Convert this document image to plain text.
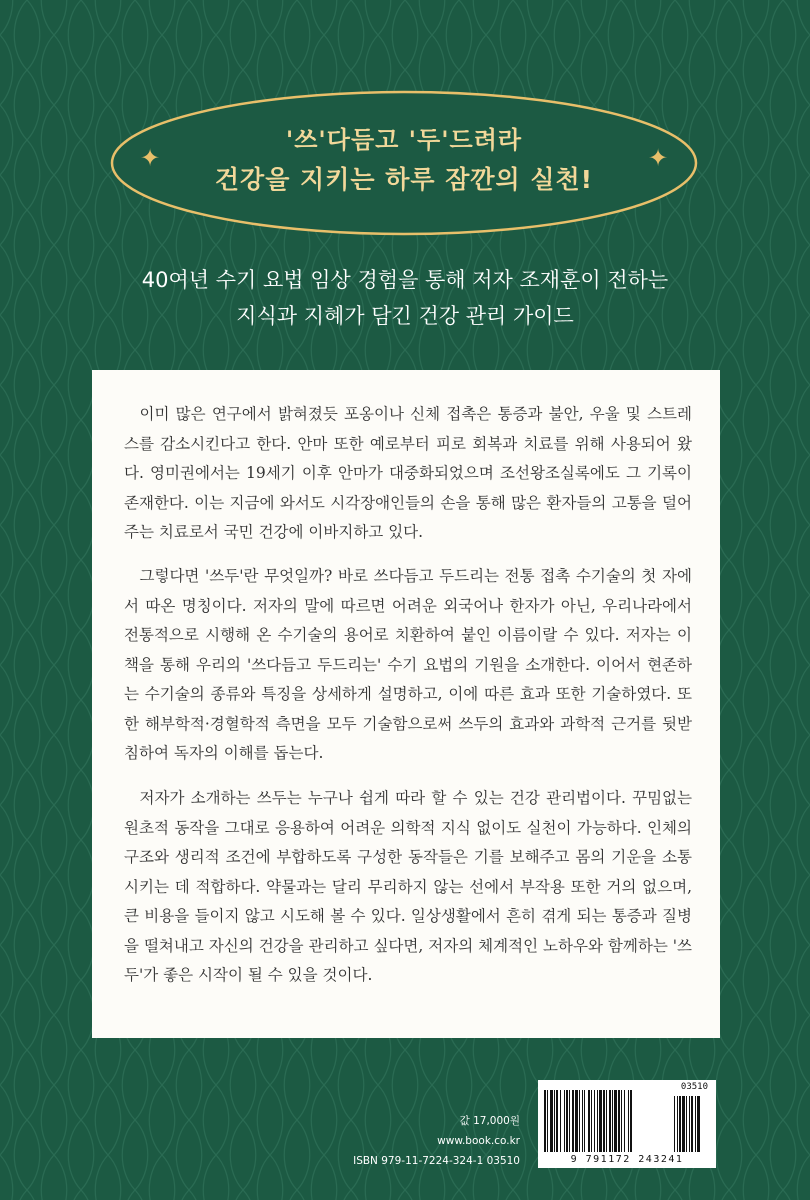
'쓰'다듬고 '두'드려라
건강을 지키는 하루 잠깐의 실천!
✦	✦
40여년 수기 요법 임상 경험을 통해 저자 조재훈이 전하는
지식과 지혜가 담긴 건강 관리 가이드

이미 많은 연구에서 밝혀졌듯 포옹이나 신체 접촉은 통증과 불안, 우울 및 스트레스를 감소시킨다고 한다. 안마 또한 예로부터 피로 회복과 치료를 위해 사용되어 왔다. 영미권에서는 19세기 이후 안마가 대중화되었으며 조선왕조실록에도 그 기록이 존재한다. 이는 지금에 와서도 시각장애인들의 손을 통해 많은 환자들의 고통을 덜어주는 치료로서 국민 건강에 이바지하고 있다.

그렇다면 '쓰두'란 무엇일까? 바로 쓰다듬고 두드리는 전통 접촉 수기술의 첫 자에서 따온 명칭이다. 저자의 말에 따르면 어려운 외국어나 한자가 아닌, 우리나라에서 전통적으로 시행해 온 수기술의 용어로 치환하여 붙인 이름이랄 수 있다. 저자는 이 책을 통해 우리의 '쓰다듬고 두드리는' 수기 요법의 기원을 소개한다. 이어서 현존하는 수기술의 종류와 특징을 상세하게 설명하고, 이에 따른 효과 또한 기술하였다. 또한 해부학적·경혈학적 측면을 모두 기술함으로써 쓰두의 효과와 과학적 근거를 뒷받침하여 독자의 이해를 돕는다.

저자가 소개하는 쓰두는 누구나 쉽게 따라 할 수 있는 건강 관리법이다. 꾸밈없는 원초적 동작을 그대로 응용하여 어려운 의학적 지식 없이도 실천이 가능하다. 인체의 구조와 생리적 조건에 부합하도록 구성한 동작들은 기를 보해주고 몸의 기운을 소통시키는 데 적합하다. 약물과는 달리 무리하지 않는 선에서 부작용 또한 거의 없으며, 큰 비용을 들이지 않고 시도해 볼 수 있다. 일상생활에서 흔히 겪게 되는 통증과 질병을 떨쳐내고 자신의 건강을 관리하고 싶다면, 저자의 체계적인 노하우와 함께하는 '쓰두'가 좋은 시작이 될 수 있을 것이다.

값 17,000원
www.book.co.kr
ISBN 979-11-7224-324-1 03510
03510
9 791172 243241
